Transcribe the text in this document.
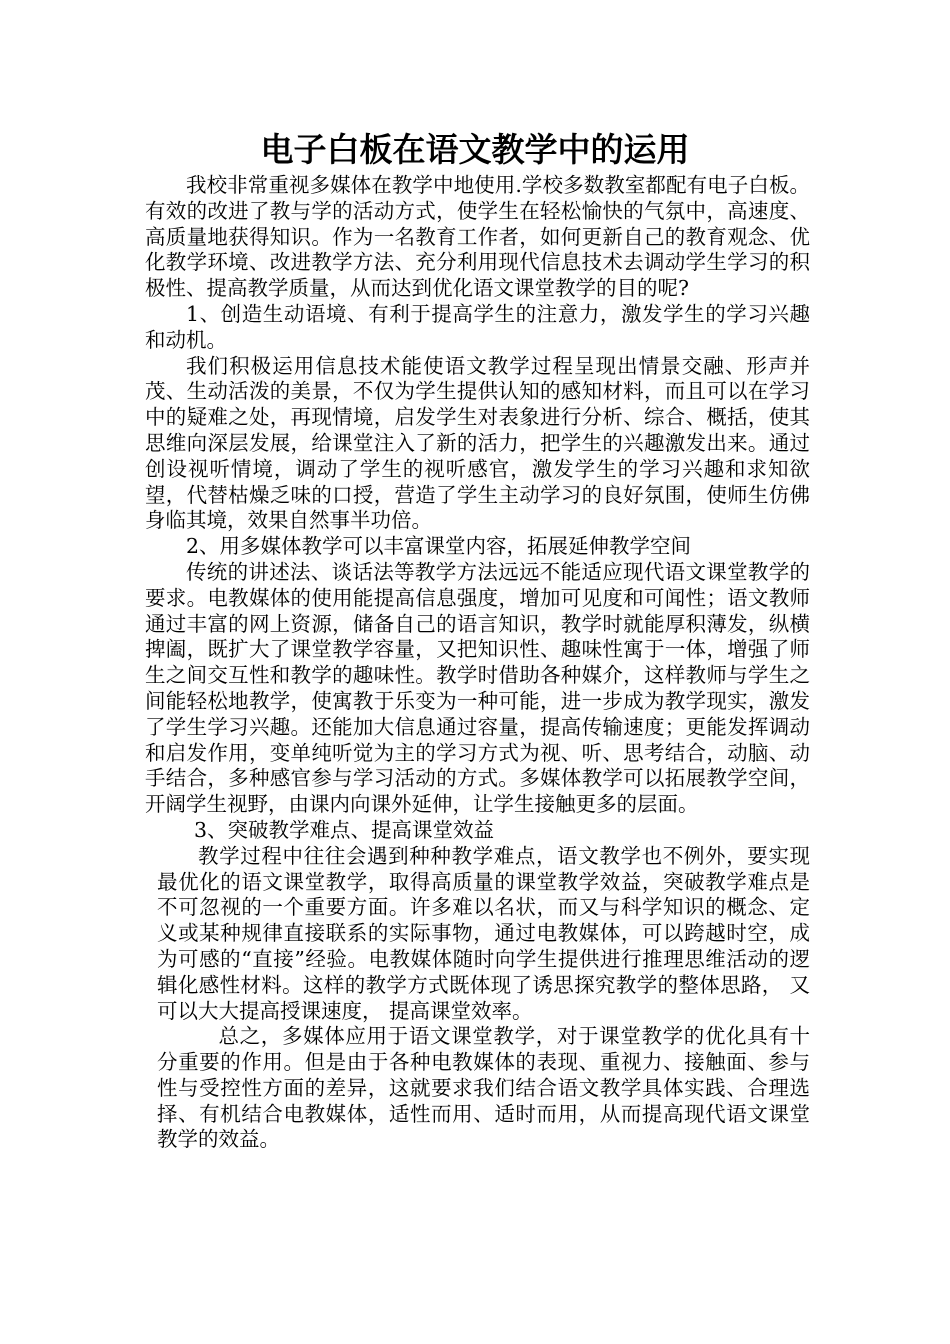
电子白板在语文教学中的运用

我校非常重视多媒体在教学中地使用.学校多数教室都配有电子白板。有效的改进了教与学的活动方式，使学生在轻松愉快的气氛中，高速度、高质量地获得知识。作为一名教育工作者，如何更新自己的教育观念、优化教学环境、改进教学方法、充分利用现代信息技术去调动学生学习的积极性、提高教学质量，从而达到优化语文课堂教学的目的呢?

1、创造生动语境、有利于提高学生的注意力，激发学生的学习兴趣和动机。

我们积极运用信息技术能使语文教学过程呈现出情景交融、形声并茂、生动活泼的美景，不仅为学生提供认知的感知材料，而且可以在学习中的疑难之处，再现情境，启发学生对表象进行分析、综合、概括，使其思维向深层发展，给课堂注入了新的活力，把学生的兴趣激发出来。通过创设视听情境，调动了学生的视听感官，激发学生的学习兴趣和求知欲望，代替枯燥乏味的口授，营造了学生主动学习的良好氛围，使师生仿佛身临其境，效果自然事半功倍。

2、用多媒体教学可以丰富课堂内容，拓展延伸教学空间

传统的讲述法、谈话法等教学方法远远不能适应现代语文课堂教学的要求。电教媒体的使用能提高信息强度，增加可见度和可闻性；语文教师通过丰富的网上资源，储备自己的语言知识，教学时就能厚积薄发，纵横捭阖，既扩大了课堂教学容量，又把知识性、趣味性寓于一体，增强了师生之间交互性和教学的趣味性。教学时借助各种媒介，这样教师与学生之间能轻松地教学，使寓教于乐变为一种可能，进一步成为教学现实，激发了学生学习兴趣。还能加大信息通过容量，提高传输速度；更能发挥调动和启发作用，变单纯听觉为主的学习方式为视、听、思考结合，动脑、动手结合，多种感官参与学习活动的方式。多媒体教学可以拓展教学空间，开阔学生视野，由课内向课外延伸，让学生接触更多的层面。

3、突破教学难点、提高课堂效益

教学过程中往往会遇到种种教学难点，语文教学也不例外，要实现最优化的语文课堂教学，取得高质量的课堂教学效益，突破教学难点是不可忽视的一个重要方面。许多难以名状，而又与科学知识的概念、定义或某种规律直接联系的实际事物，通过电教媒体，可以跨越时空，成为可感的“直接”经验。电教媒体随时向学生提供进行推理思维活动的逻辑化感性材料。这样的教学方式既体现了诱思探究教学的整体思路， 又可以大大提高授课速度， 提高课堂效率。

总之，多媒体应用于语文课堂教学，对于课堂教学的优化具有十分重要的作用。但是由于各种电教媒体的表现、重视力、接触面、参与性与受控性方面的差异，这就要求我们结合语文教学具体实践、合理选择、有机结合电教媒体，适性而用、适时而用，从而提高现代语文课堂教学的效益。
